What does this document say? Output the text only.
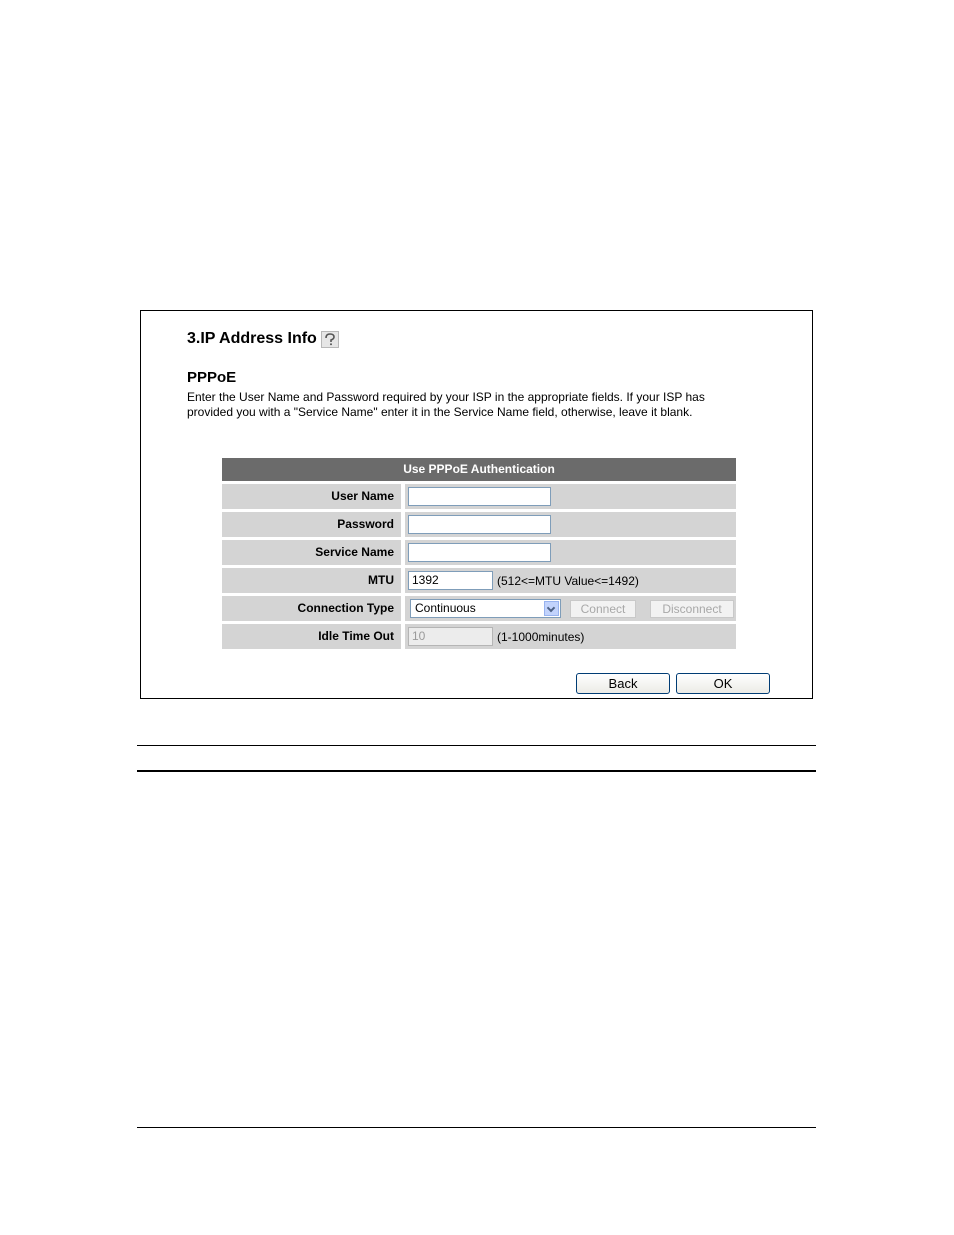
3.IP Address Info
PPPoE
Enter the User Name and Password required by your ISP in the appropriate fields. If your ISP has
provided you with a "Service Name" enter it in the Service Name field, otherwise, leave it blank.
Use PPPoE Authentication
User Name
Password
Service Name
MTU	1392	(512<=MTU Value<=1492)
Connection Type	Continuous	Connect	Disconnect
Idle Time Out	10	(1-1000minutes)
Back	OK
